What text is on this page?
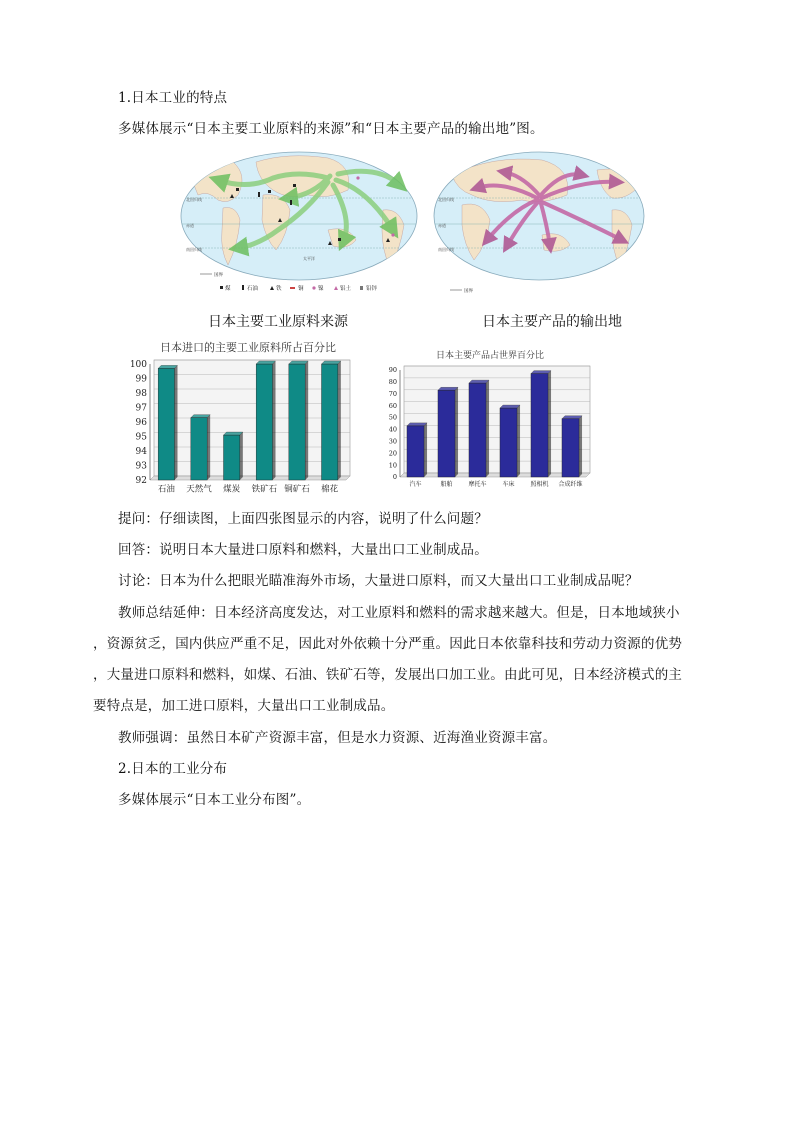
1.日本工业的特点
多媒体展示“日本主要工业原料的来源”和“日本主要产品的输出地”图。
赤道
北回归线
南回归线
太平洋
国界
煤	石油	铁	铜	镍	铝土	铅锌
赤道
北回归线
南回归线
国界
日本主要工业原料来源	日本主要产品的输出地
日本进口的主要工业原料所占百分比
92
93
94
95
96
97
98
99
100
石油 天然气 煤炭 铁矿石 铜矿石 棉花
日本主要产品占世界百分比
0
10
20
30
40
50
60
70
80
90
汽车	船舶	摩托车	车床	照相机 合成纤维
提问：仔细读图，上面四张图显示的内容，说明了什么问题？
回答：说明日本大量进口原料和燃料，大量出口工业制成品。
讨论：日本为什么把眼光瞄准海外市场，大量进口原料，而又大量出口工业制成品呢？
教师总结延伸：日本经济高度发达，对工业原料和燃料的需求越来越大。但是，日本地域狭小
，资源贫乏，国内供应严重不足，因此对外依赖十分严重。因此日本依靠科技和劳动力资源的优势
，大量进口原料和燃料，如煤、石油、铁矿石等，发展出口加工业。由此可见，日本经济模式的主
要特点是，加工进口原料，大量出口工业制成品。
教师强调：虽然日本矿产资源丰富，但是水力资源、近海渔业资源丰富。
2.日本的工业分布
多媒体展示“日本工业分布图”。
